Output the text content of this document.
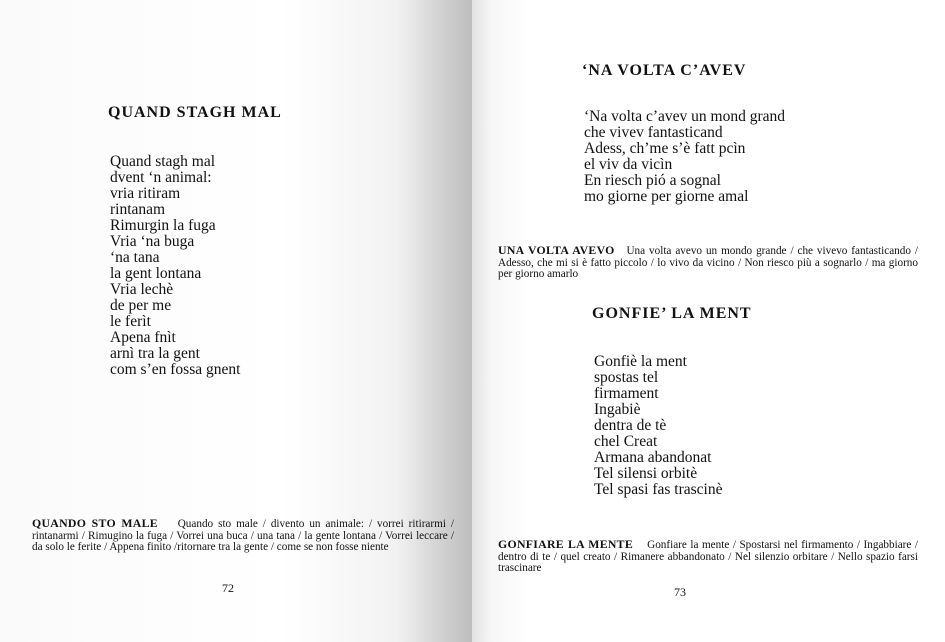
QUAND STAGH MAL
Quand stagh mal
dvent ‘n animal:
vria ritiram
rintanam
Rimurgin la fuga
Vria ‘na buga
‘na tana
la gent lontana
Vria lechè
de per me
le ferìt
Apena fnìt
arnì tra la gent
com s’en fossa gnent

QUANDO STO MALE Quando sto male / divento un animale: / vorrei ritirarmi / rintanarmi / Rimugino la fuga / Vorrei una buca / una tana / la gente lontana / Vorrei leccare / da solo le ferite / Appena finito /ritornare tra la gente / come se non fosse niente

72
‘NA VOLTA C’AVEV
‘Na volta c’avev un mond grand
che vivev fantasticand
Adess, ch’me s’è fatt pcìn
el viv da vicìn
En riesch pió a sognal
mo giorne per giorne amal

UNA VOLTA AVEVO Una volta avevo un mondo grande / che vivevo fantasticando / Adesso, che mi si è fatto piccolo / lo vivo da vicino / Non riesco più a sognarlo / ma giorno per giorno amarlo

GONFIE’ LA MENT
Gonfiè la ment
spostas tel
firmament
Ingabiè
dentra de tè
chel Creat
Armana abandonat
Tel silensi orbitè
Tel spasi fas trascinè

GONFIARE LA MENTE Gonfiare la mente / Spostarsi nel firmamento / Ingabbiare / dentro di te / quel creato / Rimanere abbandonato / Nel silenzio orbitare / Nello spazio farsi trascinare

73
